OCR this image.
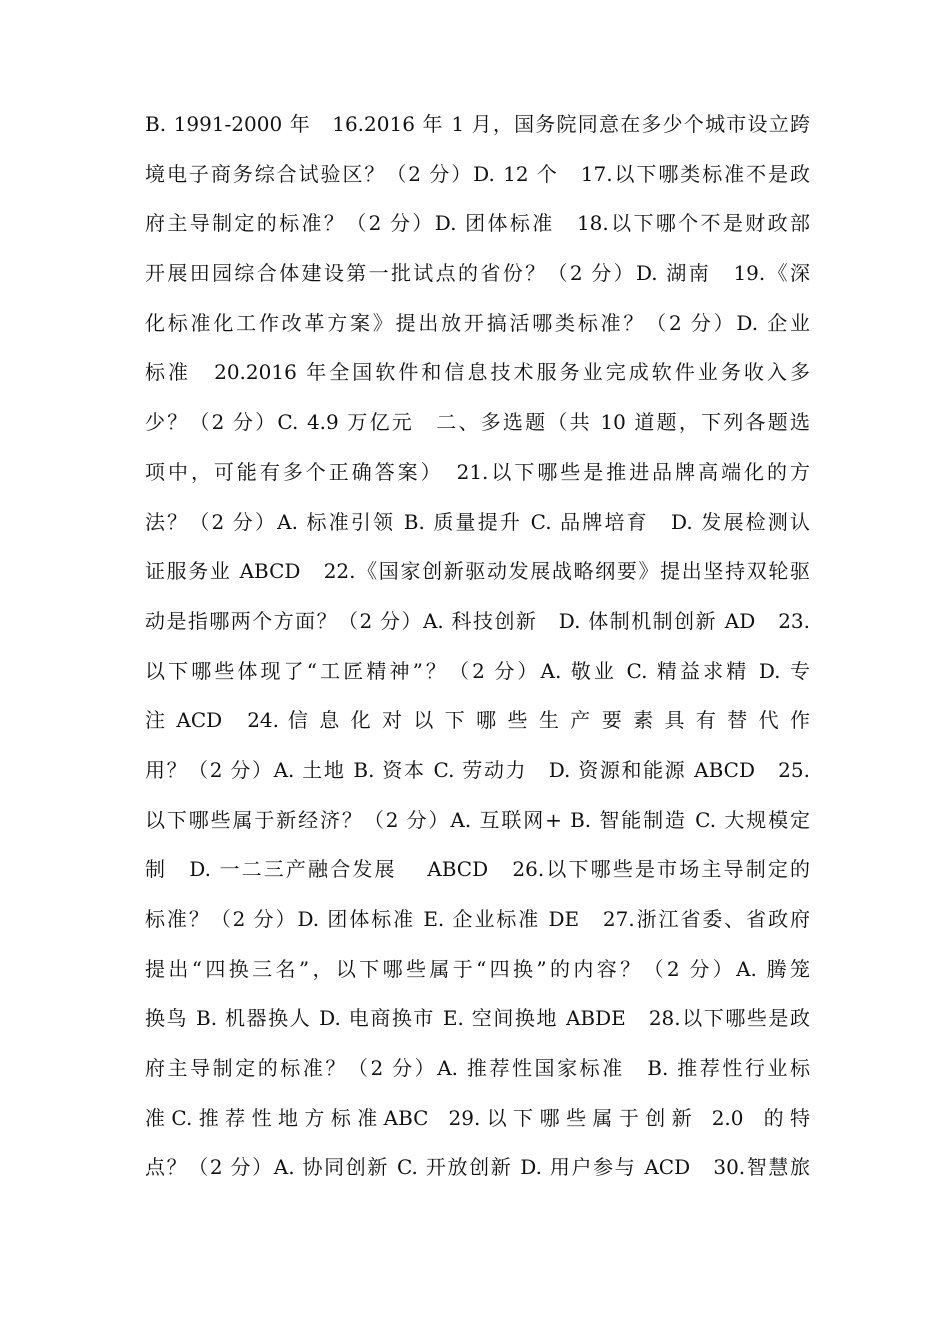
B. 1991-2000 年　16.2016 年 1 月，国务院同意在多少个城市设立跨
境电子商务综合试验区？（2 分）D. 12 个　17.以下哪类标准不是政
府主导制定的标准？（2 分）D. 团体标准　18.以下哪个不是财政部
开展田园综合体建设第一批试点的省份？（2 分）D. 湖南　19.《深
化标准化工作改革方案》提出放开搞活哪类标准？（2 分）D. 企业
标准　20.2016 年全国软件和信息技术服务业完成软件业务收入多
少？（2 分）C. 4.9 万亿元　二、多选题（共 10 道题，下列各题选
项中，可能有多个正确答案）　21.以下哪些是推进品牌高端化的方
法？（2 分）A. 标准引领 B. 质量提升 C. 品牌培育　D. 发展检测认
证服务业 ABCD　22.《国家创新驱动发展战略纲要》提出坚持双轮驱
动是指哪两个方面？（2 分）A. 科技创新　D. 体制机制创新 AD　23.
以下哪些体现了“工匠精神”？（2 分）A. 敬业 C. 精益求精 D. 专
注 ACD　24. 信 息 化 对 以 下 哪 些 生 产 要 素 具 有 替 代 作
用？（2 分）A. 土地 B. 资本 C. 劳动力　D. 资源和能源 ABCD　25.
以下哪些属于新经济？（2 分）A. 互联网+ B. 智能制造 C. 大规模定
制　D. 一二三产融合发展　 ABCD　26.以下哪些是市场主导制定的
标准？（2 分）D. 团体标准 E. 企业标准 DE　27.浙江省委、省政府
提出“四换三名”，以下哪些属于“四换”的内容？（2 分）A. 腾笼
换鸟 B. 机器换人 D. 电商换市 E. 空间换地 ABDE　28.以下哪些是政
府主导制定的标准？（2 分）A. 推荐性国家标准　B. 推荐性行业标
准 C. 推 荐 性 地 方 标 准 ABC　29. 以 下 哪 些 属 于 创 新　2.0　的 特
点？（2 分）A. 协同创新 C. 开放创新 D. 用户参与 ACD　30.智慧旅
